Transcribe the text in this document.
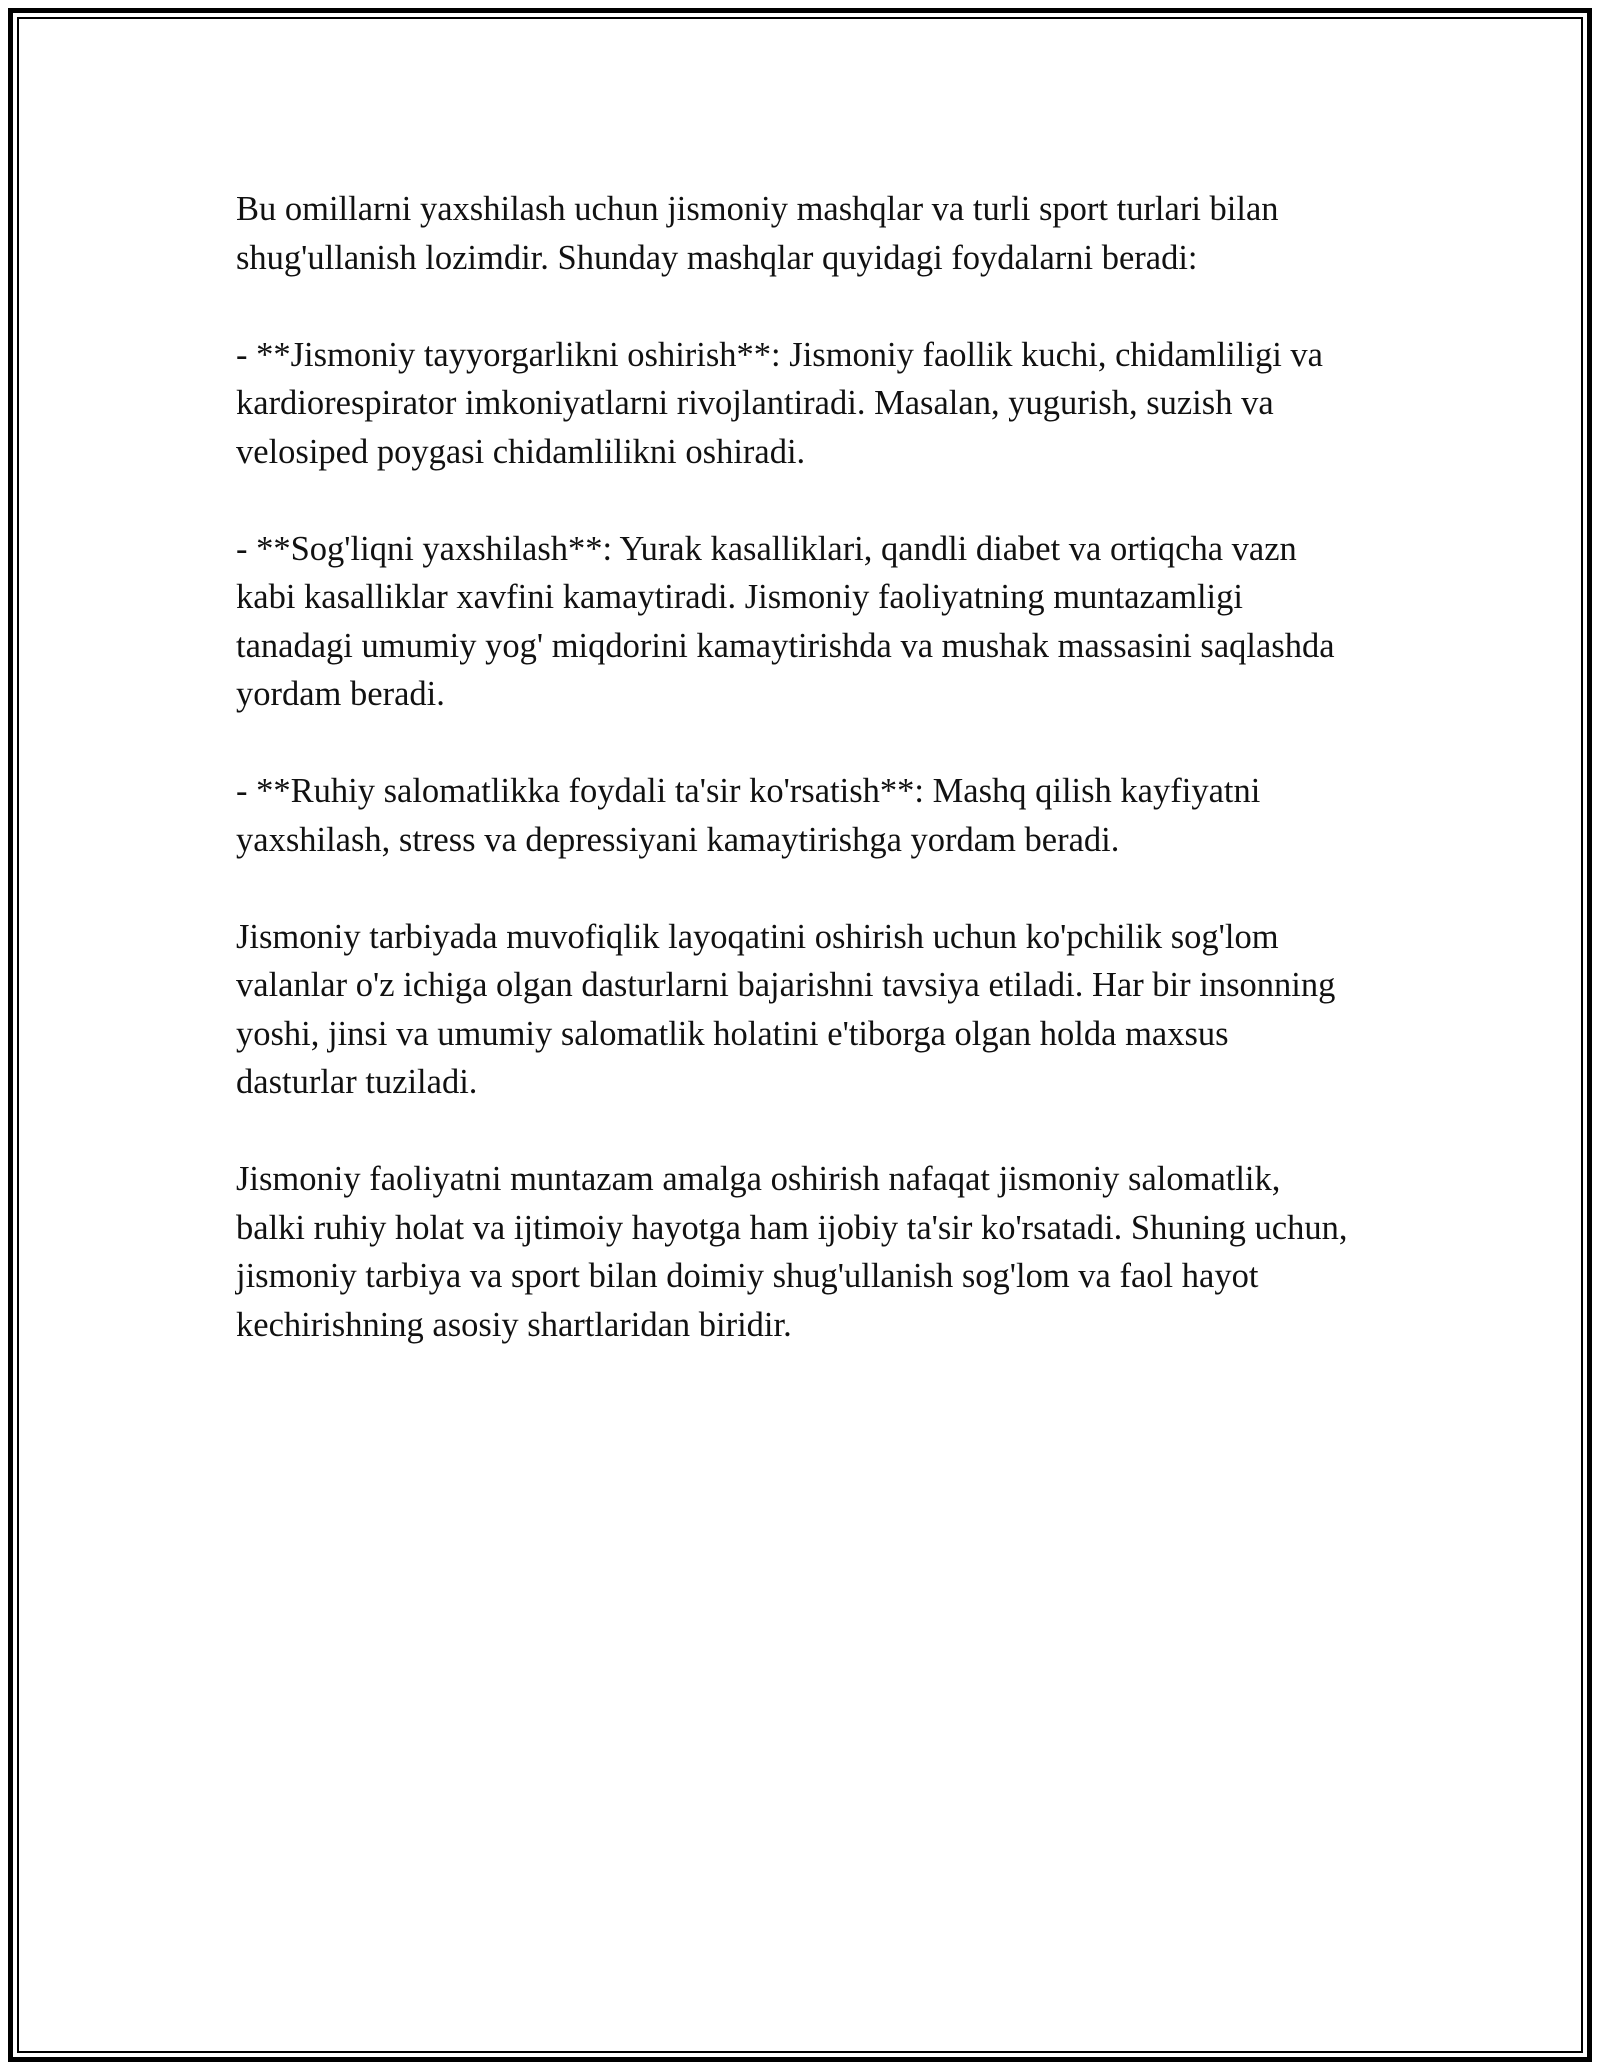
Bu omillarni yaxshilash uchun jismoniy mashqlar va turli sport turlari bilan shug'ullanish lozimdir. Shunday mashqlar quyidagi foydalarni beradi:

- **Jismoniy tayyorgarlikni oshirish**: Jismoniy faollik kuchi, chidamliligi va kardiorespirator imkoniyatlarni rivojlantiradi. Masalan, yugurish, suzish va velosiped poygasi chidamlilikni oshiradi.

- **Sog'liqni yaxshilash**: Yurak kasalliklari, qandli diabet va ortiqcha vazn kabi kasalliklar xavfini kamaytiradi. Jismoniy faoliyatning muntazamligi tanadagi umumiy yog' miqdorini kamaytirishda va mushak massasini saqlashda yordam beradi.

- **Ruhiy salomatlikka foydali ta'sir ko'rsatish**: Mashq qilish kayfiyatni yaxshilash, stress va depressiyani kamaytirishga yordam beradi.

Jismoniy tarbiyada muvofiqlik layoqatini oshirish uchun ko'pchilik sog'lom valanlar o'z ichiga olgan dasturlarni bajarishni tavsiya etiladi. Har bir insonning yoshi, jinsi va umumiy salomatlik holatini e'tiborga olgan holda maxsus dasturlar tuziladi.

Jismoniy faoliyatni muntazam amalga oshirish nafaqat jismoniy salomatlik, balki ruhiy holat va ijtimoiy hayotga ham ijobiy ta'sir ko'rsatadi. Shuning uchun, jismoniy tarbiya va sport bilan doimiy shug'ullanish sog'lom va faol hayot kechirishning asosiy shartlaridan biridir.
